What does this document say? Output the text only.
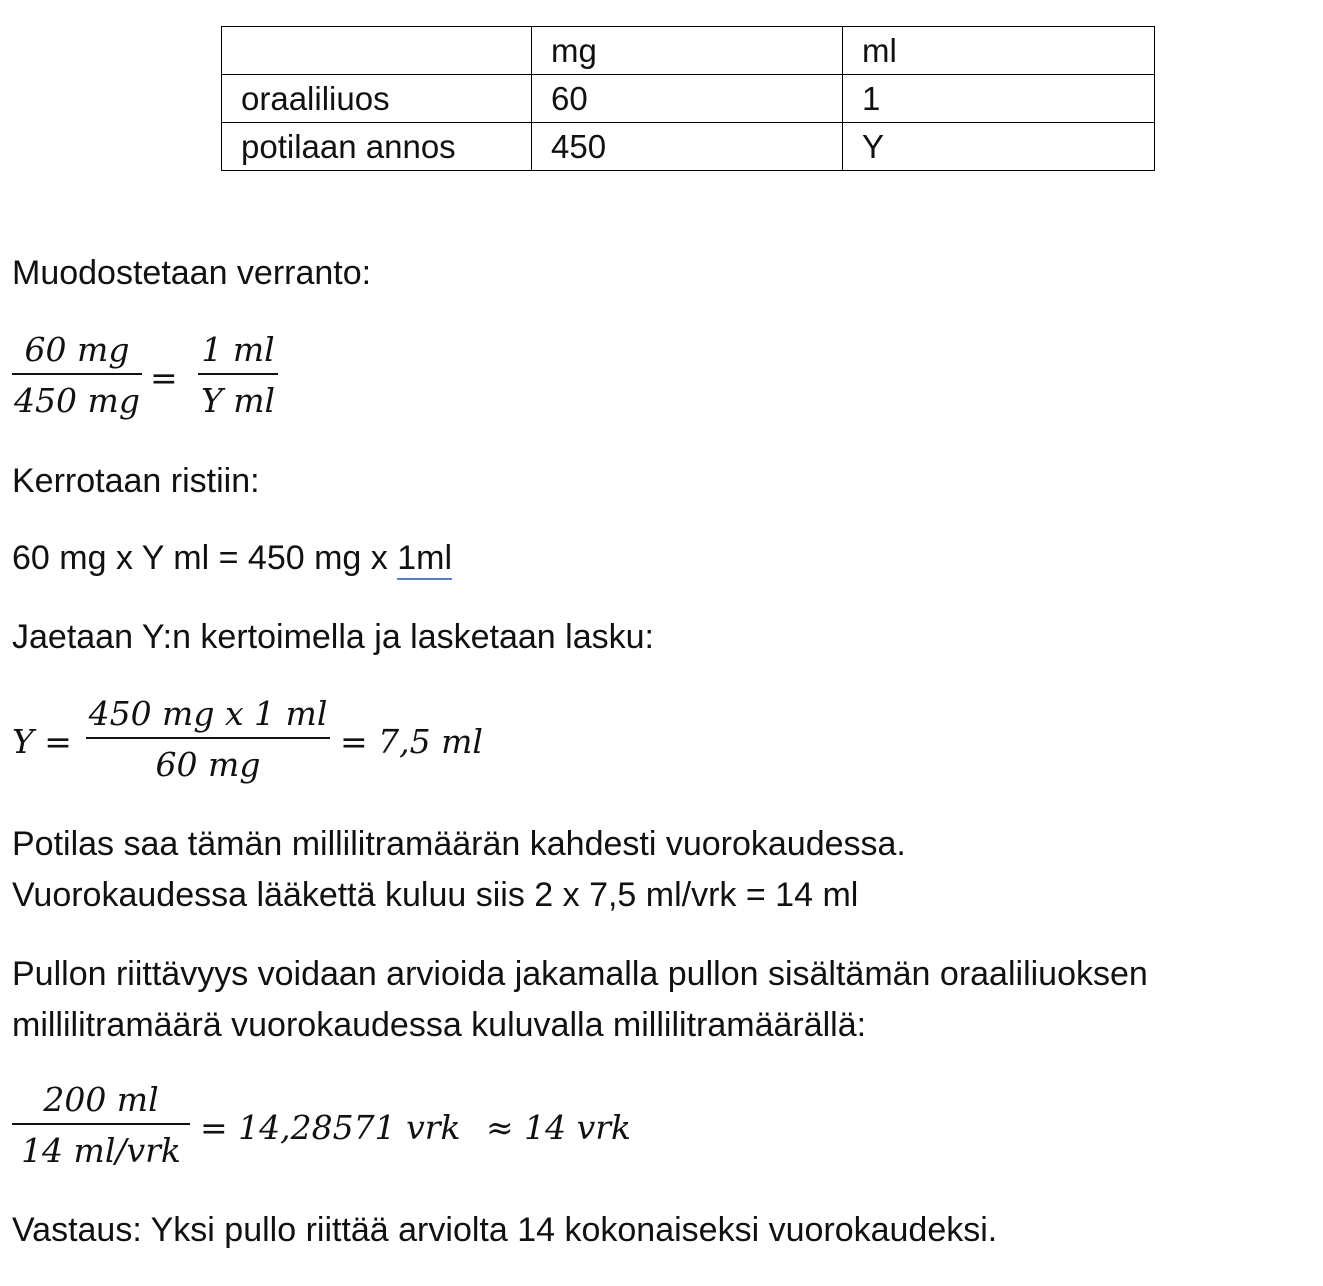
	mg	ml
oraaliliuos	60	1
potilaan annos	450	Y
Muodostetaan verranto:
60 mg
450 mg
=
1 ml
Y ml
Kerrotaan ristiin:
60 mg x Y ml = 450 mg x 1ml
Jaetaan Y:n kertoimella ja lasketaan lasku:
Y =
450 mg x 1 ml
60 mg
= 7,5 ml
Potilas saa tämän millilitramäärän kahdesti vuorokaudessa.
Vuorokaudessa lääkettä kuluu siis 2 x 7,5 ml/vrk = 14 ml
Pullon riittävyys voidaan arvioida jakamalla pullon sisältämän oraaliliuoksen
millilitramäärä vuorokaudessa kuluvalla millilitramäärällä:
200 ml
14 ml/vrk
= 14,28571 vrk ≈ 14 vrk
Vastaus: Yksi pullo riittää arviolta 14 kokonaiseksi vuorokaudeksi.
